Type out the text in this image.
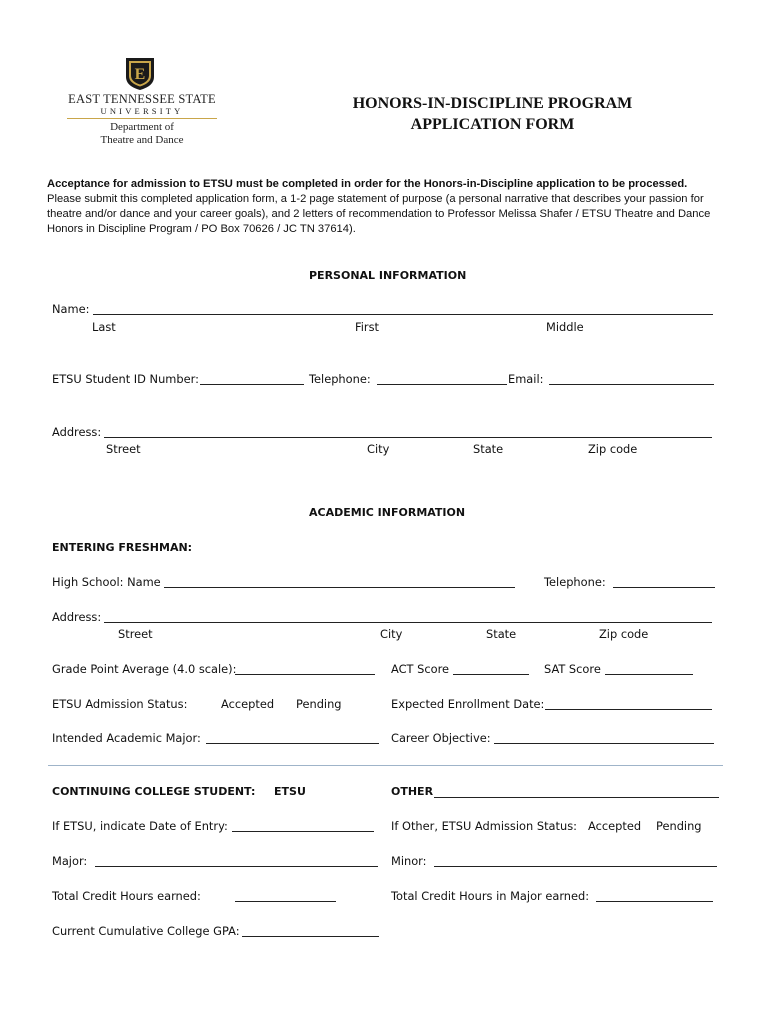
E
EAST TENNESSEE STATE
UNIVERSITY
Department of
Theatre and Dance
HONORS-IN-DISCIPLINE PROGRAM
APPLICATION FORM
Acceptance for admission to ETSU must be completed in order for the Honors-in-Discipline application to be processed. Please submit this completed application form, a 1-2 page statement of purpose (a personal narrative that describes your passion for theatre and/or dance and your career goals), and 2 letters of recommendation to Professor Melissa Shafer / ETSU Theatre and Dance Honors in Discipline Program / PO Box 70626 / JC TN 37614).
PERSONAL INFORMATION
Name:
Last	First	Middle
ETSU Student ID Number:	Telephone:	Email:
Address:
Street	City	State	Zip code
ACADEMIC INFORMATION
ENTERING FRESHMAN:
High School: Name	Telephone:
Address:
Street	City	State	Zip code
Grade Point Average (4.0 scale):	ACT Score	SAT Score
ETSU Admission Status:	Accepted Pending	Expected Enrollment Date:
Intended Academic Major:	Career Objective:
CONTINUING COLLEGE STUDENT: ETSU	OTHER
If ETSU, indicate Date of Entry:	If Other, ETSU Admission Status: Accepted Pending
Major:	Minor:
Total Credit Hours earned:	Total Credit Hours in Major earned:
Current Cumulative College GPA:
